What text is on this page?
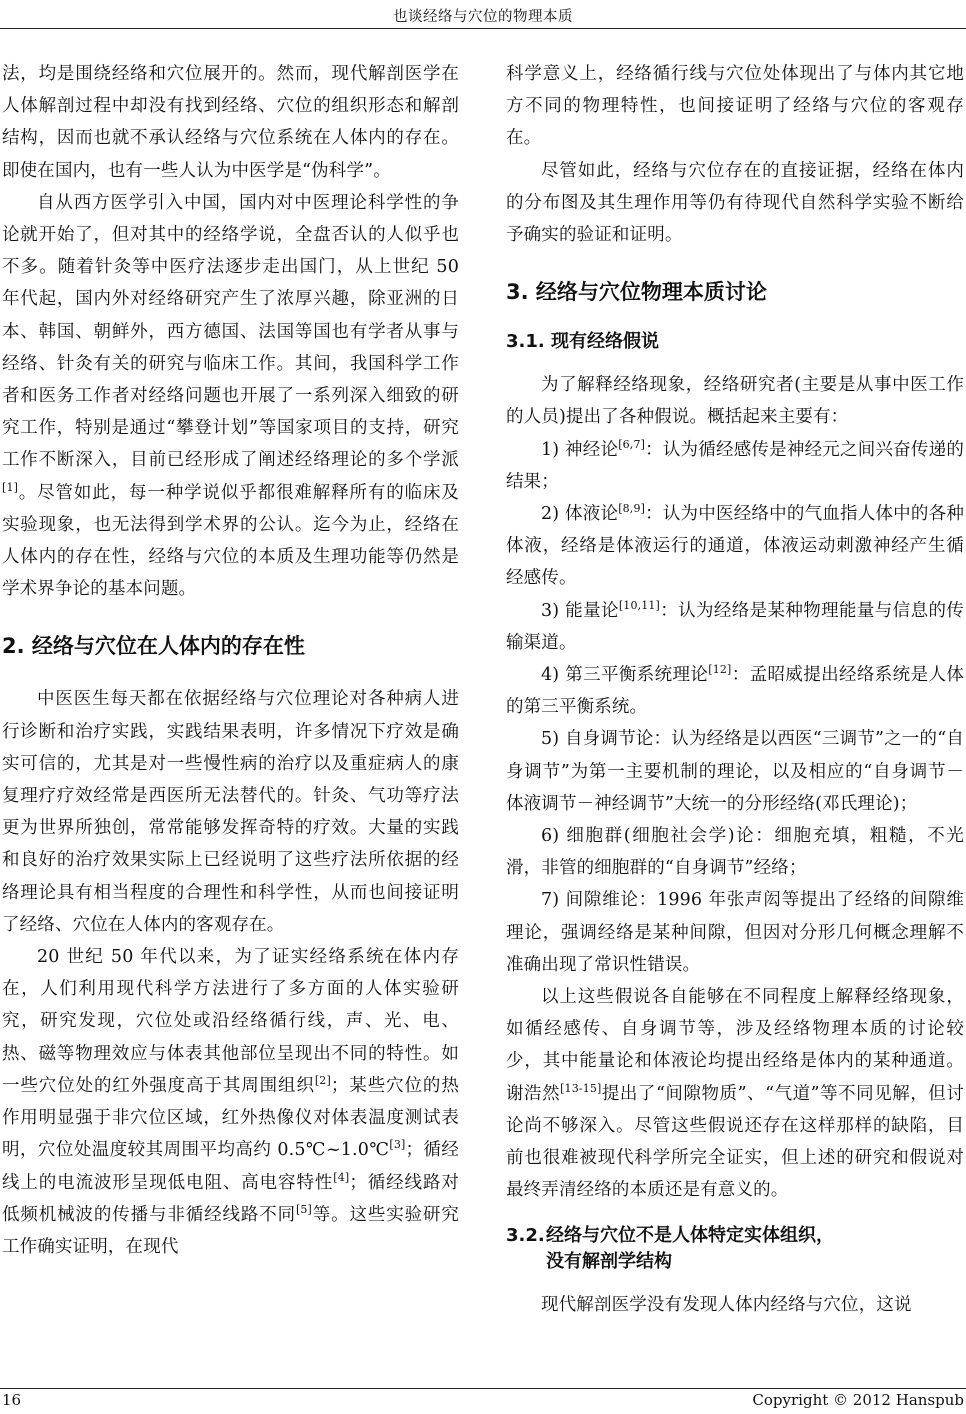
也谈经络与穴位的物理本质

法，均是围绕经络和穴位展开的。然而，现代解剖医学在人体解剖过程中却没有找到经络、穴位的组织形态和解剖结构，因而也就不承认经络与穴位系统在人体内的存在。即使在国内，也有一些人认为中医学是“伪科学”。

自从西方医学引入中国，国内对中医理论科学性的争论就开始了，但对其中的经络学说，全盘否认的人似乎也不多。随着针灸等中医疗法逐步走出国门，从上世纪 50 年代起，国内外对经络研究产生了浓厚兴趣，除亚洲的日本、韩国、朝鲜外，西方德国、法国等国也有学者从事与经络、针灸有关的研究与临床工作。其间，我国科学工作者和医务工作者对经络问题也开展了一系列深入细致的研究工作，特别是通过“攀登计划”等国家项目的支持，研究工作不断深入，目前已经形成了阐述经络理论的多个学派[1]。尽管如此，每一种学说似乎都很难解释所有的临床及实验现象，也无法得到学术界的公认。迄今为止，经络在人体内的存在性，经络与穴位的本质及生理功能等仍然是学术界争论的基本问题。

2. 经络与穴位在人体内的存在性

中医医生每天都在依据经络与穴位理论对各种病人进行诊断和治疗实践，实践结果表明，许多情况下疗效是确实可信的，尤其是对一些慢性病的治疗以及重症病人的康复理疗疗效经常是西医所无法替代的。针灸、气功等疗法更为世界所独创，常常能够发挥奇特的疗效。大量的实践和良好的治疗效果实际上已经说明了这些疗法所依据的经络理论具有相当程度的合理性和科学性，从而也间接证明了经络、穴位在人体内的客观存在。

20 世纪 50 年代以来，为了证实经络系统在体内存在，人们利用现代科学方法进行了多方面的人体实验研究，研究发现，穴位处或沿经络循行线，声、光、电、热、磁等物理效应与体表其他部位呈现出不同的特性。如一些穴位处的红外强度高于其周围组织[2]；某些穴位的热作用明显强于非穴位区域，红外热像仪对体表温度测试表明，穴位处温度较其周围平均高约 0.5℃~1.0℃[3]；循经线上的电流波形呈现低电阻、高电容特性[4]；循经线路对低频机械波的传播与非循经线路不同[5]等。这些实验研究工作确实证明，在现代

科学意义上，经络循行线与穴位处体现出了与体内其它地方不同的物理特性，也间接证明了经络与穴位的客观存在。

尽管如此，经络与穴位存在的直接证据，经络在体内的分布图及其生理作用等仍有待现代自然科学实验不断给予确实的验证和证明。

3. 经络与穴位物理本质讨论
3.1. 现有经络假说

为了解释经络现象，经络研究者(主要是从事中医工作的人员)提出了各种假说。概括起来主要有：

1) 神经论[6,7]：认为循经感传是神经元之间兴奋传递的结果；

2) 体液论[8,9]：认为中医经络中的气血指人体中的各种体液，经络是体液运行的通道，体液运动刺激神经产生循经感传。

3) 能量论[10,11]：认为经络是某种物理能量与信息的传输渠道。

4) 第三平衡系统理论[12]：孟昭威提出经络系统是人体的第三平衡系统。

5) 自身调节论：认为经络是以西医“三调节”之一的“自身调节”为第一主要机制的理论，以及相应的“自身调节－体液调节－神经调节”大统一的分形经络(邓氏理论)；

6) 细胞群(细胞社会学)论：细胞充填，粗糙，不光滑，非管的细胞群的“自身调节”经络；

7) 间隙维论：1996 年张声闳等提出了经络的间隙维理论，强调经络是某种间隙，但因对分形几何概念理解不准确出现了常识性错误。

以上这些假说各自能够在不同程度上解释经络现象，如循经感传、自身调节等，涉及经络物理本质的讨论较少，其中能量论和体液论均提出经络是体内的某种通道。谢浩然[13-15]提出了“间隙物质”、“气道”等不同见解，但讨论尚不够深入。尽管这些假说还存在这样那样的缺陷，目前也很难被现代科学所完全证实，但上述的研究和假说对最终弄清经络的本质还是有意义的。

3.2.经络与穴位不是人体特定实体组织，
没有解剖学结构

现代解剖医学没有发现人体内经络与穴位，这说

16	Copyright © 2012 Hanspub
